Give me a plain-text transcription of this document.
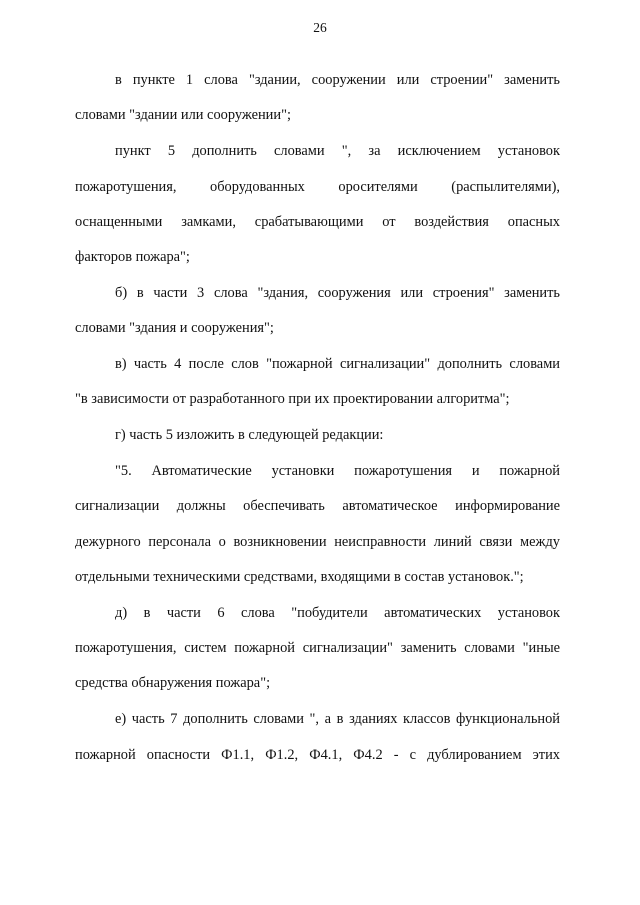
26
в пункте 1 слова "здании, сооружении или строении" заменить
словами "здании или сооружении";
пункт 5 дополнить словами ", за исключением установок
пожаротушения, оборудованных оросителями (распылителями),
оснащенными замками, срабатывающими от воздействия опасных
факторов пожара";
б) в части 3 слова "здания, сооружения или строения" заменить
словами "здания и сооружения";
в) часть 4 после слов "пожарной сигнализации" дополнить словами
"в зависимости от разработанного при их проектировании алгоритма";
г) часть 5 изложить в следующей редакции:
"5. Автоматические установки пожаротушения и пожарной
сигнализации должны обеспечивать автоматическое информирование
дежурного персонала о возникновении неисправности линий связи между
отдельными техническими средствами, входящими в состав установок.";
д) в части 6 слова "побудители автоматических установок
пожаротушения, систем пожарной сигнализации" заменить словами "иные
средства обнаружения пожара";
е) часть 7 дополнить словами ", а в зданиях классов функциональной
пожарной опасности Ф1.1, Ф1.2, Ф4.1, Ф4.2 - с дублированием этих
